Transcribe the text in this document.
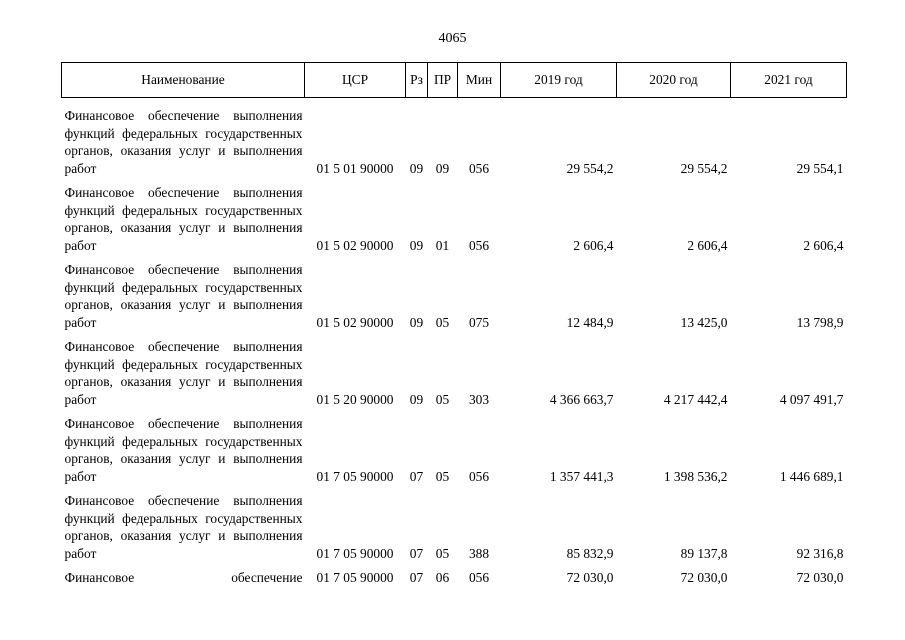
4065
Наименование	ЦСР	Рз	ПР	Мин	2019 год	2020 год	2021 год
Финансовое обеспечение выполнения функций федеральных государственных органов, оказания услуг и выполнения работ	01 5 01 90000	09	09	056	29 554,2	29 554,2	29 554,1
Финансовое обеспечение выполнения функций федеральных государственных органов, оказания услуг и выполнения работ	01 5 02 90000	09	01	056	2 606,4	2 606,4	2 606,4
Финансовое обеспечение выполнения функций федеральных государственных органов, оказания услуг и выполнения работ	01 5 02 90000	09	05	075	12 484,9	13 425,0	13 798,9
Финансовое обеспечение выполнения функций федеральных государственных органов, оказания услуг и выполнения работ	01 5 20 90000	09	05	303	4 366 663,7	4 217 442,4	4 097 491,7
Финансовое обеспечение выполнения функций федеральных государственных органов, оказания услуг и выполнения работ	01 7 05 90000	07	05	056	1 357 441,3	1 398 536,2	1 446 689,1
Финансовое обеспечение выполнения функций федеральных государственных органов, оказания услуг и выполнения работ	01 7 05 90000	07	05	388	85 832,9	89 137,8	92 316,8
Финансовое обеспечение	01 7 05 90000	07	06	056	72 030,0	72 030,0	72 030,0
